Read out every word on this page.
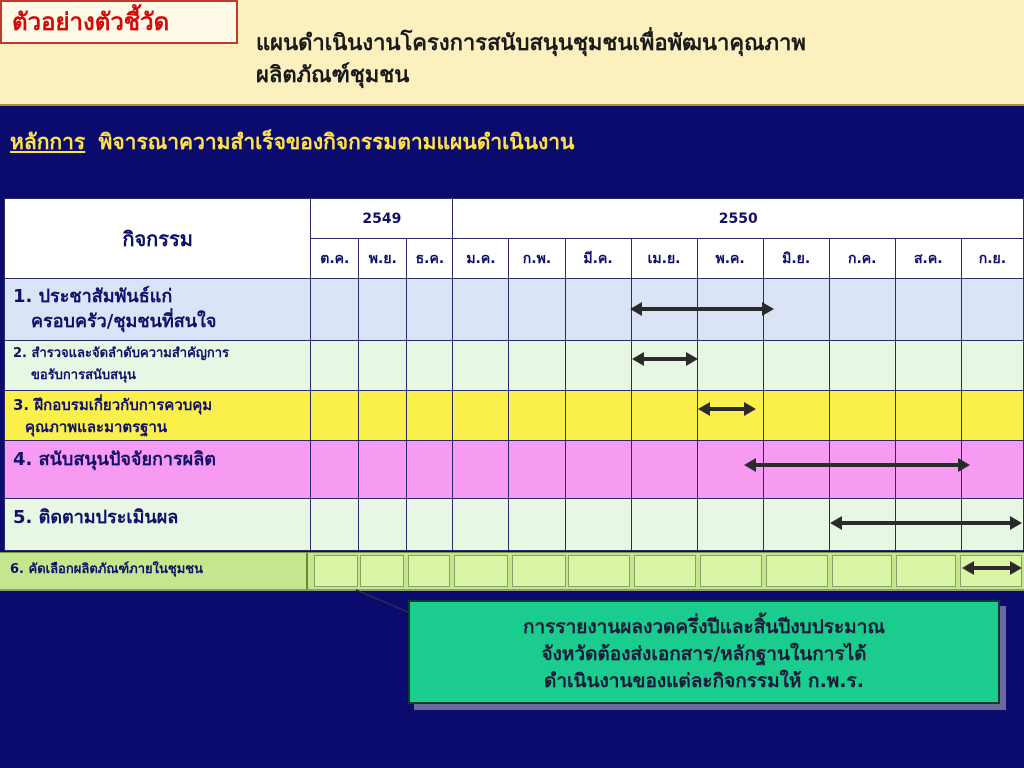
ตัวอย่างตัวชี้วัด
แผนดำเนินงานโครงการสนับสนุนชุมชนเพื่อพัฒนาคุณภาพ
ผลิตภัณฑ์ชุมชน
หลักการ พิจารณาความสำเร็จของกิจกรรมตามแผนดำเนินงาน
กิจกรรม	2549			2550								
	ต.ค.	พ.ย.	ธ.ค.	ม.ค.	ก.พ.	มี.ค.	เม.ย.	พ.ค.	มิ.ย.	ก.ค.	ส.ค.	ก.ย.

1. ประชาสัมพันธ์แก่
ครอบครัว/ชุมชนที่สนใจ												

2. สำรวจและจัดลำดับความสำคัญการ
ขอรับการสนับสนุน												

3. ฝึกอบรมเกี่ยวกับการควบคุม
คุณภาพและมาตรฐาน												

4. สนับสนุนปัจจัยการผลิต												
5. ติดตามประเมินผล												
6. คัดเลือกผลิตภัณฑ์ภายในชุมชน
การรายงานผลงวดครึ่งปีและสิ้นปีงบประมาณ
จังหวัดต้องส่งเอกสาร/หลักฐานในการได้
ดำเนินงานของแต่ละกิจกรรมให้ ก.พ.ร.
